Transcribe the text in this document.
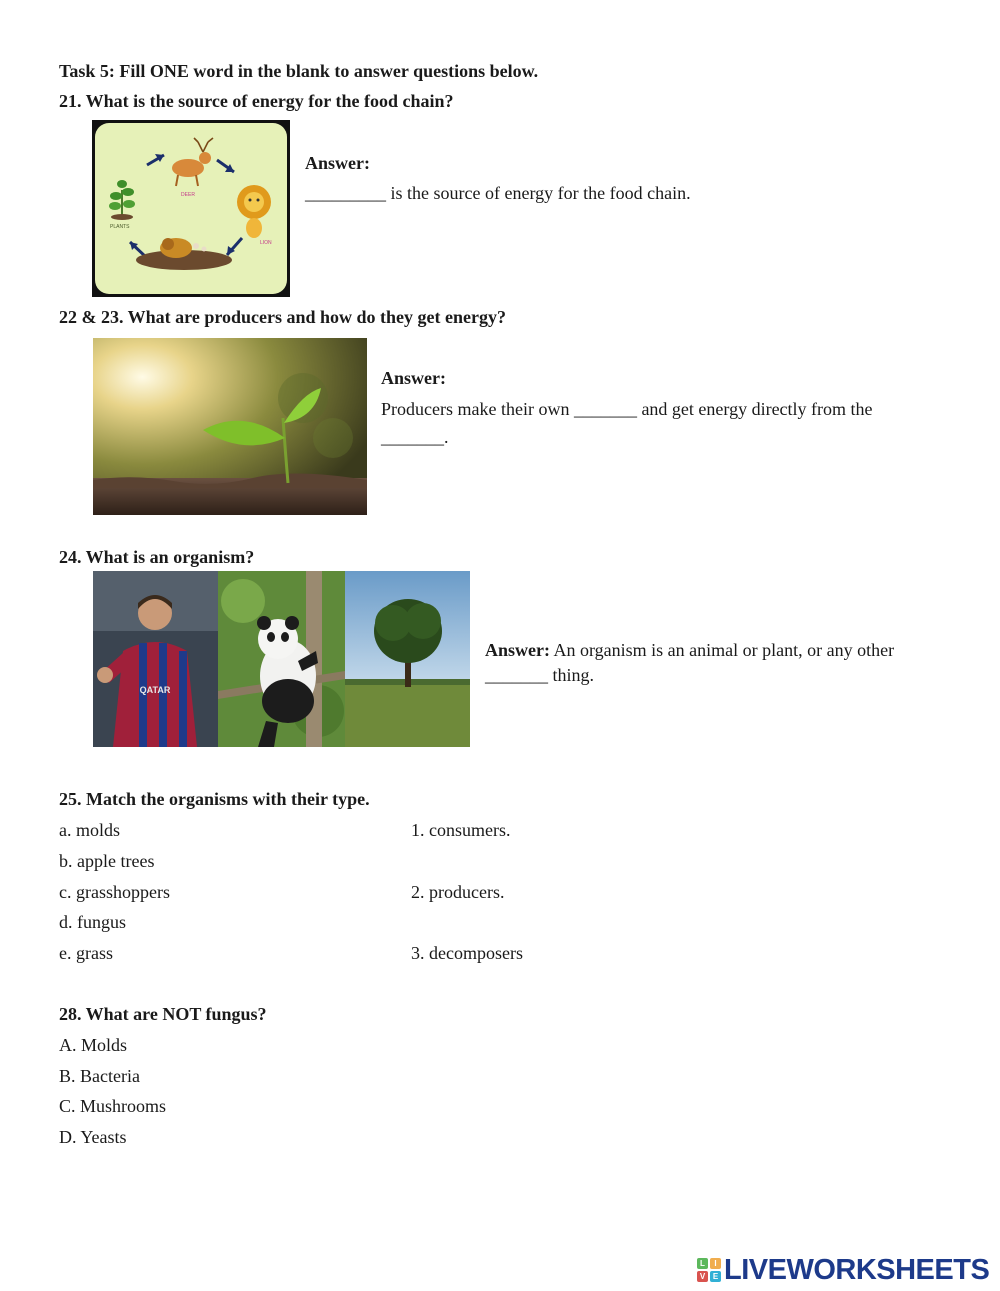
Task 5: Fill ONE word in the blank to answer questions below.
21. What is the source of energy for the food chain?
DEER
LION
PLANTS
Answer:
_________ is the source of energy for the food chain.
22 & 23. What are producers and how do they get energy?
Answer:
Producers make their own _______ and get energy directly from the
_______.
24. What is an organism?
QATAR
Answer: An organism is an animal or plant, or any other
_______ thing.
25. Match the organisms with their type.
a. molds
b. apple trees
c. grasshoppers
d. fungus
e. grass
1. consumers.
2. producers.
3. decomposers
28. What are NOT fungus?
A. Molds
B. Bacteria
C. Mushrooms
D. Yeasts
L	I
V E LIVEWORKSHEETS
